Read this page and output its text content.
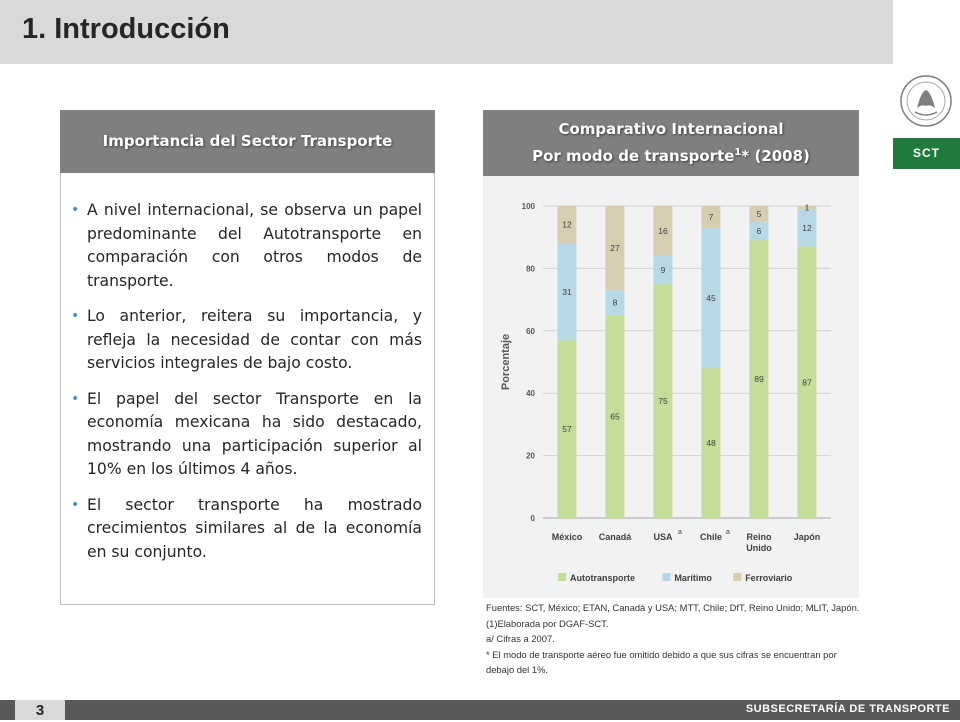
1. Introducción
SCT
Importancia del Sector Transporte
• A nivel internacional, se observa un papel predominante del Autotransporte en comparación con otros modos de transporte.
• Lo anterior, reitera su importancia, y refleja la necesidad de contar con más servicios integrales de bajo costo.
• El papel del sector Transporte en la economía mexicana ha sido destacado, mostrando una participación superior al 10% en los últimos 4 años.
• El sector transporte ha mostrado crecimientos similares al de la economía en su conjunto.
Comparativo Internacional
Por modo de transporte$^1$* (2008)
0
20
40
60
80
100
Porcentaje
57
31
12
México
65
8
27
Canadá
75
9
16
USA a
48
45
7
Chile a
89
6
5
Reino
Unido
87
12
1
Japón
Autotransporte	Marítimo	Ferroviario
Fuentes: SCT, México; ETAN, Canadá y USA; MTT, Chile; DfT, Reino Unido; MLIT, Japón.
(1)Elaborada por DGAF-SCT.
a/ Cifras a 2007.
* El modo de transporte aéreo fue omitido debido a que sus cifras se encuentran por debajo del 1%.
3	SUBSECRETARÍA DE TRANSPORTE
